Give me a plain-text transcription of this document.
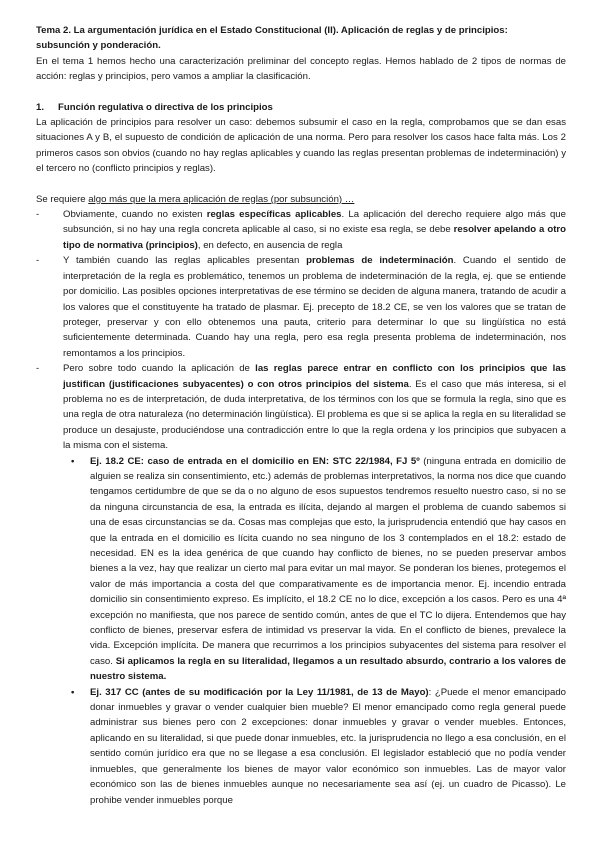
Tema 2. La argumentación jurídica en el Estado Constitucional (II). Aplicación de reglas y de principios:
subsunción y ponderación.

En el tema 1 hemos hecho una caracterización preliminar del concepto reglas. Hemos hablado de 2 tipos de normas de acción: reglas y principios, pero vamos a ampliar la clasificación.

1.	Función regulativa o directiva de los principios

La aplicación de principios para resolver un caso: debemos subsumir el caso en la regla, comprobamos que se dan esas situaciones A y B, el supuesto de condición de aplicación de una norma. Pero para resolver los casos hace falta más. Los 2 primeros casos son obvios (cuando no hay reglas aplicables y cuando las reglas presentan problemas de indeterminación) y el tercero no (conflicto principios y reglas).

Se requiere algo más que la mera aplicación de reglas (por subsunción) …

- Obviamente, cuando no existen reglas específicas aplicables. La aplicación del derecho requiere algo más que subsunción, si no hay una regla concreta aplicable al caso, si no existe esa regla, se debe resolver apelando a otro tipo de normativa (principios), en defecto, en ausencia de regla
- Y también cuando las reglas aplicables presentan problemas de indeterminación. Cuando el sentido de interpretación de la regla es problemático, tenemos un problema de indeterminación de la regla, ej. que se entiende por domicilio. Las posibles opciones interpretativas de ese término se deciden de alguna manera, tratando de acudir a los valores que el constituyente ha tratado de plasmar. Ej. precepto de 18.2 CE, se ven los valores que se tratan de proteger, preservar y con ello obtenemos una pauta, criterio para determinar lo que su lingüística no está suficientemente determinada. Cuando hay una regla, pero esa regla presenta problema de indeterminación, nos remontamos a los principios.
- Pero sobre todo cuando la aplicación de las reglas parece entrar en conflicto con los principios que las justifican (justificaciones subyacentes) o con otros principios del sistema. Es el caso que más interesa, si el problema no es de interpretación, de duda interpretativa, de los términos con los que se formula la regla, sino que es una regla de otra naturaleza (no determinación lingüística). El problema es que si se aplica la regla en su literalidad se produce un desajuste, produciéndose una contradicción entre lo que la regla ordena y los principios que subyacen a la misma con el sistema.
• Ej. 18.2 CE: caso de entrada en el domicilio en EN: STC 22/1984, FJ 5º (ninguna entrada en domicilio de alguien se realiza sin consentimiento, etc.) además de problemas interpretativos, la norma nos dice que cuando tengamos certidumbre de que se da o no alguno de esos supuestos tendremos resuelto nuestro caso, si no se da ninguna circunstancia de esa, la entrada es ilícita, dejando al margen el problema de cuando sabemos si una de esas circunstancias se da. Cosas mas complejas que esto, la jurisprudencia entendió que hay casos en que la entrada en el domicilio es lícita cuando no sea ninguno de los 3 contemplados en el 18.2: estado de necesidad. EN es la idea genérica de que cuando hay conflicto de bienes, no se pueden preservar ambos bienes a la vez, hay que realizar un cierto mal para evitar un mal mayor. Se ponderan los bienes, protegemos el valor de más importancia a costa del que comparativamente es de importancia menor. Ej. incendio entrada domicilio sin consentimiento expreso. Es implícito, el 18.2 CE no lo dice, excepción a los casos. Pero es una 4ª excepción no manifiesta, que nos parece de sentido común, antes de que el TC lo dijera. Entendemos que hay conflicto de bienes, preservar esfera de intimidad vs preservar la vida. En el conflicto de bienes, prevalece la vida. Excepción implícita. De manera que recurrimos a los principios subyacentes del sistema para resolver el caso. Si aplicamos la regla en su literalidad, llegamos a un resultado absurdo, contrario a los valores de nuestro sistema.
• Ej. 317 CC (antes de su modificación por la Ley 11/1981, de 13 de Mayo): ¿Puede el menor emancipado donar inmuebles y gravar o vender cualquier bien mueble? El menor emancipado como regla general puede administrar sus bienes pero con 2 excepciones: donar inmuebles y gravar o vender muebles. Entonces, aplicando en su literalidad, si que puede donar inmuebles, etc. la jurisprudencia no llego a esa conclusión, en el sentido común jurídico era que no se llegase a esa conclusión. El legislador estableció que no podía vender inmuebles, que generalmente los bienes de mayor valor económico son inmuebles. Las de mayor valor económico son las de bienes inmuebles aunque no necesariamente sea así (ej. un cuadro de Picasso). Le prohibe vender inmuebles porque
